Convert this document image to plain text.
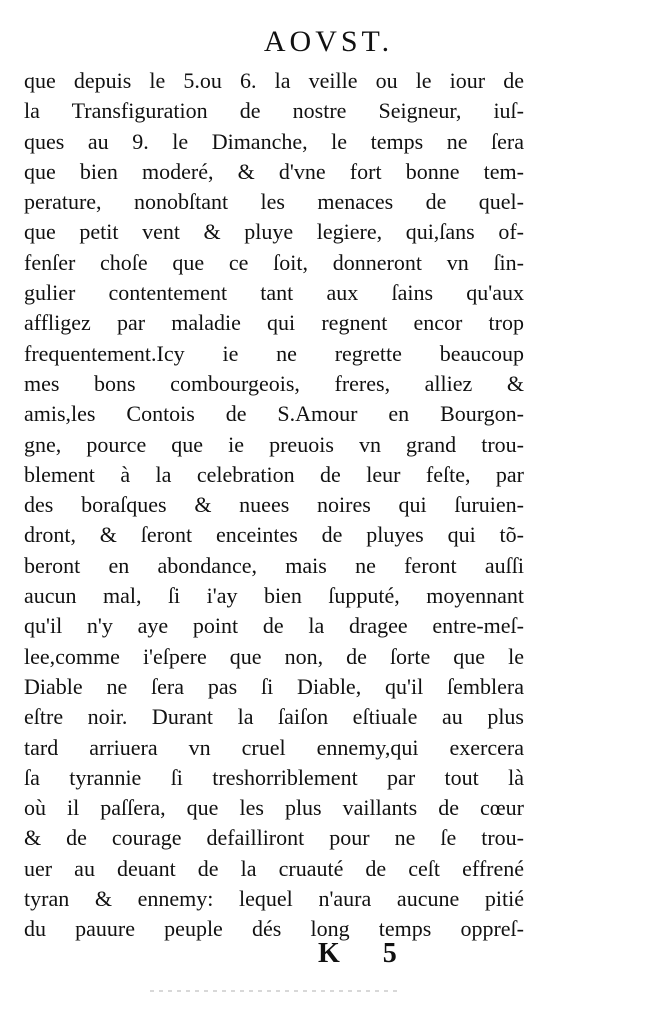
AOVST.
que depuis le 5.ou 6. la veille ou le iour de
la Transfiguration de nostre Seigneur, iuſ-
ques au 9. le Dimanche, le temps ne ſera
que bien moderé, & d'vne fort bonne tem-
perature, nonobſtant les menaces de quel-
que petit vent & pluye legiere, qui,ſans of-
fenſer choſe que ce ſoit, donneront vn ſin-
gulier contentement tant aux ſains qu'aux
affligez par maladie qui regnent encor trop
frequentement.Icy ie ne regrette beaucoup
mes bons combourgeois, freres, alliez &
amis,les Contois de S.Amour en Bourgon-
gne, pource que ie preuois vn grand trou-
blement à la celebration de leur feſte, par
des boraſques & nuees noires qui ſuruien-
dront, & ſeront enceintes de pluyes qui tõ-
beront en abondance, mais ne feront auſſi
aucun mal, ſi i'ay bien ſupputé, moyennant
qu'il n'y aye point de la dragee entre-meſ-
lee,comme i'eſpere que non, de ſorte que le
Diable ne ſera pas ſi Diable, qu'il ſemblera
eſtre noir. Durant la ſaiſon eſtiuale au plus
tard arriuera vn cruel ennemy,qui exercera
ſa tyrannie ſi treshorriblement par tout là
où il paſſera, que les plus vaillants de cœur
& de courage defailliront pour ne ſe trou-
uer au deuant de la cruauté de ceſt effrené
tyran & ennemy: lequel n'aura aucune pitié
du pauure peuple dés long temps oppreſ-
K 5
